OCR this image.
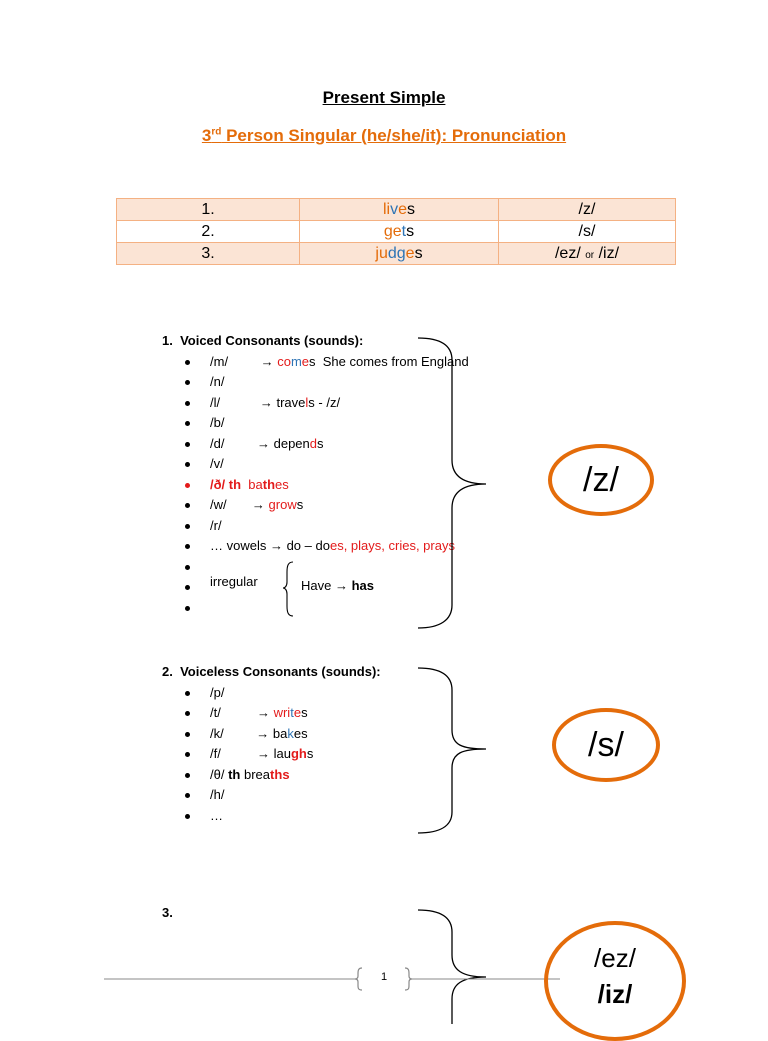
Present Simple
3rd Person Singular (he/she/it): Pronunciation
1.	lives	/z/
2.	gets	/s/
3.	judges	/ez/ or /iz/
1.  Voiced Consonants (sounds):
/m/	→ comes She comes from England
/n/
/l/	→ travels - /z/
/b/
/d/	→ depends
/v/
/ð/ th bathes
/w/ → grows
/r/
… vowels → do – does, plays, cries, prays
irregular	Have → has
2.  Voiceless Consonants (sounds):
/p/
/t/	→ writes
/k/	→ bakes
/f/	→ laughs
/θ/ th breaths
/h/
…
3.
1
/z/
/s/
/ez/
/iz/
